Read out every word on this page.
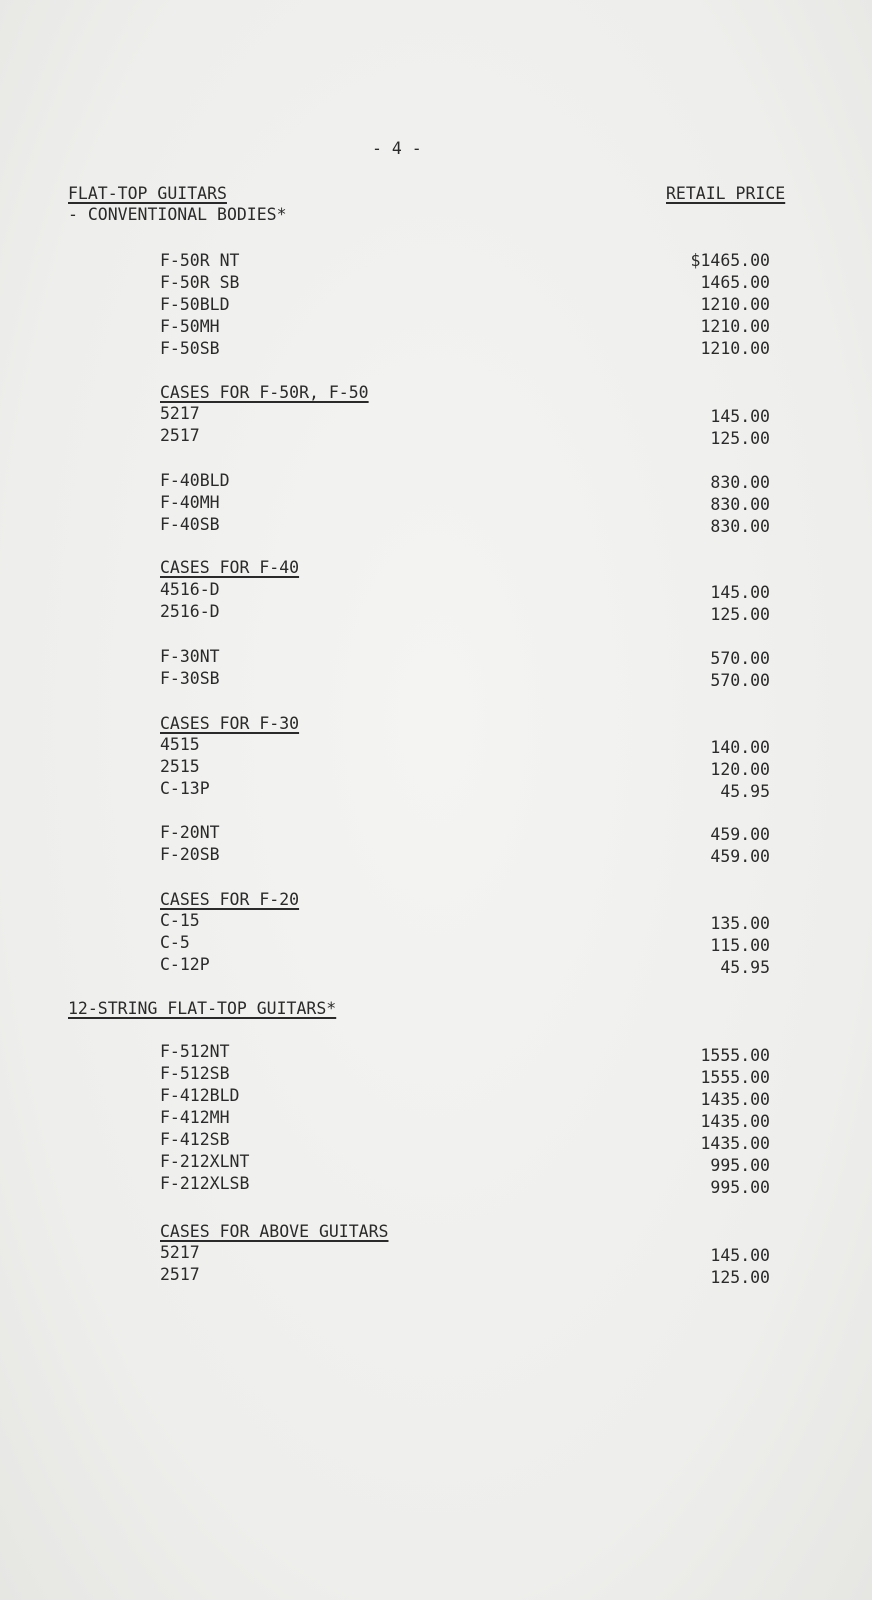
- 4 -
FLAT-TOP GUITARS
- CONVENTIONAL BODIES*
RETAIL PRICE
F-50R NT	$1465.00
F-50R SB	1465.00
F-50BLD	1210.00
F-50MH	1210.00
F-50SB	1210.00
CASES FOR F-50R, F-50
5217	145.00
2517	125.00
F-40BLD	830.00
F-40MH	830.00
F-40SB	830.00
CASES FOR F-40
4516-D	145.00
2516-D	125.00
F-30NT	570.00
F-30SB	570.00
CASES FOR F-30
4515	140.00
2515	120.00
C-13P	45.95
F-20NT	459.00
F-20SB	459.00
CASES FOR F-20
C-15	135.00
C-5	115.00
C-12P	45.95
12-STRING FLAT-TOP GUITARS*
F-512NT	1555.00
F-512SB	1555.00
F-412BLD	1435.00
F-412MH	1435.00
F-412SB	1435.00
F-212XLNT	995.00
F-212XLSB	995.00
CASES FOR ABOVE GUITARS
5217	145.00
2517	125.00
